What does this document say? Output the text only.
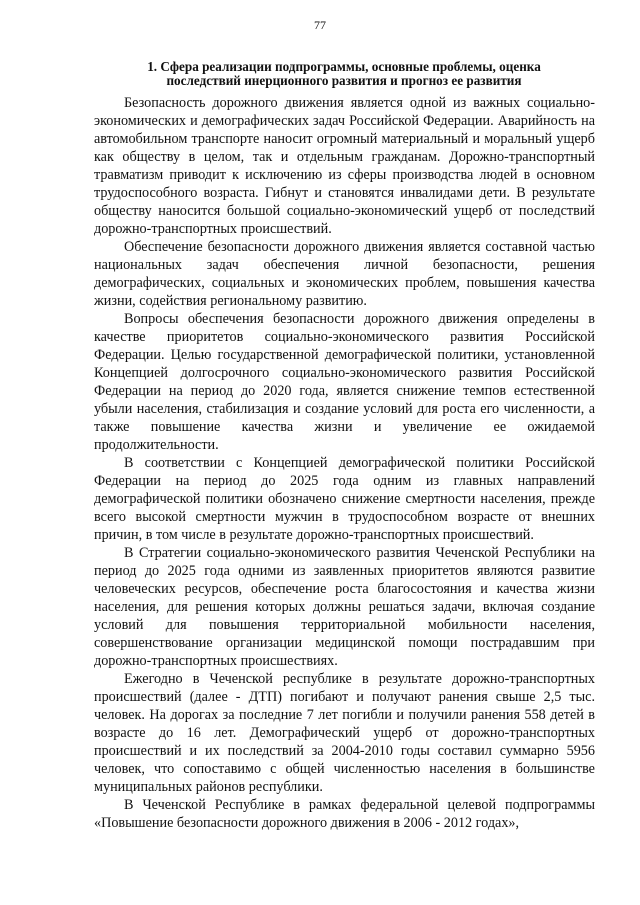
77
1. Сфера реализации подпрограммы, основные проблемы, оценка
последствий инерционного развития и прогноз ее развития

Безопасность дорожного движения является одной из важных социально-экономических и демографических задач Российской Федерации. Аварийность на автомобильном транспорте наносит огромный материальный и моральный ущерб как обществу в целом, так и отдельным гражданам. Дорожно-транспортный травматизм приводит к исключению из сферы производства людей в основном трудоспособного возраста. Гибнут и становятся инвалидами дети. В результате обществу наносится большой социально-экономический ущерб от последствий дорожно-транспортных происшествий.

Обеспечение безопасности дорожного движения является составной частью национальных задач обеспечения личной безопасности, решения демографических, социальных и экономических проблем, повышения качества жизни, содействия региональному развитию.

Вопросы обеспечения безопасности дорожного движения определены в качестве приоритетов социально-экономического развития Российской Федерации. Целью государственной демографической политики, установленной Концепцией долгосрочного социально-экономического развития Российской Федерации на период до 2020 года, является снижение темпов естественной убыли населения, стабилизация и создание условий для роста его численности, а также повышение качества жизни и увеличение ее ожидаемой продолжительности.

В соответствии с Концепцией демографической политики Российской Федерации на период до 2025 года одним из главных направлений демографической политики обозначено снижение смертности населения, прежде всего высокой смертности мужчин в трудоспособном возрасте от внешних причин, в том числе в результате дорожно-транспортных происшествий.

В Стратегии социально-экономического развития Чеченской Республики на период до 2025 года одними из заявленных приоритетов являются развитие человеческих ресурсов, обеспечение роста благосостояния и качества жизни населения, для решения которых должны решаться задачи, включая создание условий для повышения территориальной мобильности населения, совершенствование организации медицинской помощи пострадавшим при дорожно-транспортных происшествиях.

Ежегодно в Чеченской республике в результате дорожно-транспортных происшествий (далее - ДТП) погибают и получают ранения свыше 2,5 тыс. человек. На дорогах за последние 7 лет погибли и получили ранения 558 детей в возрасте до 16 лет. Демографический ущерб от дорожно-транспортных происшествий и их последствий за 2004-2010 годы составил суммарно 5956 человек, что сопоставимо с общей численностью населения в большинстве муниципальных районов республики.

В Чеченской Республике в рамках федеральной целевой подпрограммы «Повышение безопасности дорожного движения в 2006 - 2012 годах»,
